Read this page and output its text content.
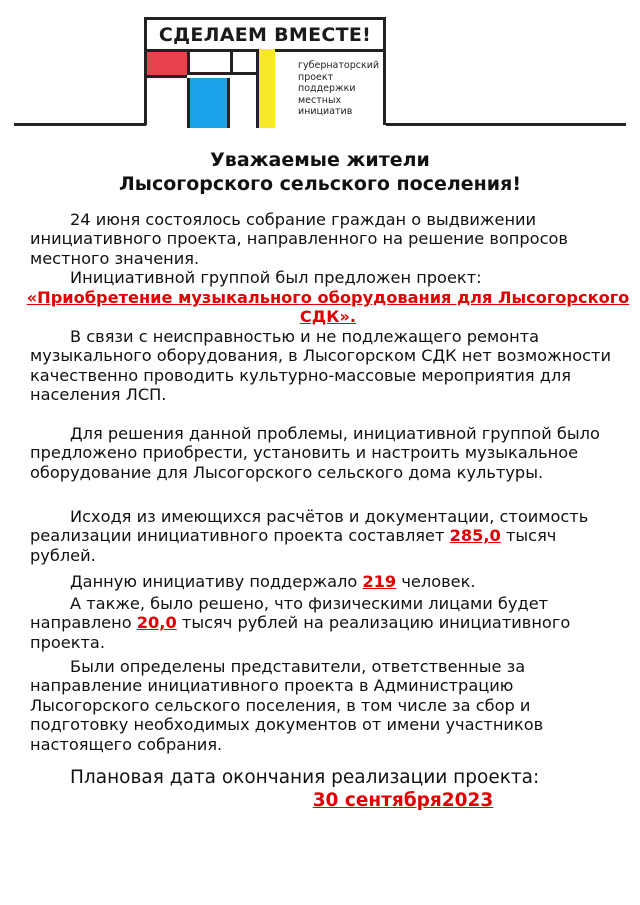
СДЕЛАЕМ ВМЕСТЕ!
губернаторский
проект
поддержки
местных
инициатив
Уважаемые жители
Лысогорского сельского поселения!

24 июня состоялось собрание граждан о выдвижении инициативного проекта, направленного на решение вопросов местного значения.

Инициативной группой был предложен проект:

«Приобретение музыкального оборудования для Лысогорского СДК».

В связи с неисправностью и не подлежащего ремонта музыкального оборудования, в Лысогорском СДК нет возможности качественно проводить культурно-массовые мероприятия для населения ЛСП.

Для решения данной проблемы, инициативной группой было предложено приобрести, установить и настроить музыкальное оборудование для Лысогорского сельского дома культуры.

Исходя из имеющихся расчётов и документации, стоимость реализации инициативного проекта составляет 285,0 тысяч рублей.

Данную инициативу поддержало 219 человек.

А также, было решено, что физическими лицами будет направлено 20,0 тысяч рублей на реализацию инициативного проекта.

Были определены представители, ответственные за направление инициативного проекта в Администрацию Лысогорского сельского поселения, в том числе за сбор и подготовку необходимых документов от имени участников настоящего собрания.

Плановая дата окончания реализации проекта:
30 сентября2023
